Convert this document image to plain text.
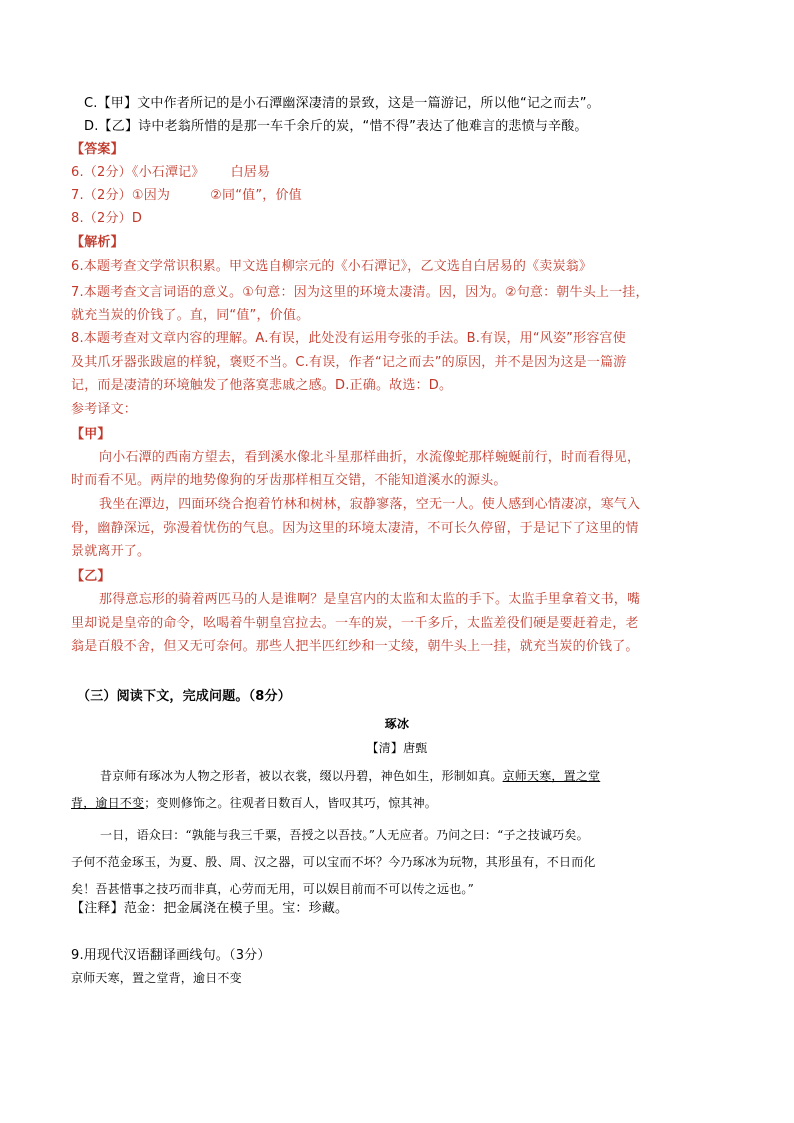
C.【甲】文中作者所记的是小石潭幽深凄清的景致，这是一篇游记，所以他“记之而去”。
D.【乙】诗中老翁所惜的是那一车千余斤的炭，“惜不得”表达了他难言的悲愤与辛酸。
【答案】
6.（2分）《小石潭记》 白居易
7.（2分）①因为	②同“值”，价值
8.（2分）D
【解析】
6.本题考查文学常识积累。甲文选自柳宗元的《小石潭记》，乙文选自白居易的《卖炭翁》
7.本题考查文言词语的意义。①句意：因为这里的环境太凄清。因，因为。②句意：朝牛头上一挂，
就充当炭的价钱了。直，同“值”，价值。
8.本题考查对文章内容的理解。A.有误，此处没有运用夸张的手法。B.有误，用“风姿”形容宫使
及其爪牙器张跋扈的样貌，褒贬不当。C.有误，作者“记之而去”的原因，并不是因为这是一篇游
记，而是凄清的环境触发了他落寞悲戚之感。D.正确。故选：D。
参考译文：
【甲】
向小石潭的西南方望去，看到溪水像北斗星那样曲折，水流像蛇那样蜿蜒前行，时而看得见，
时而看不见。两岸的地势像狗的牙齿那样相互交错，不能知道溪水的源头。
我坐在潭边，四面环绕合抱着竹林和树林，寂静寥落，空无一人。使人感到心情凄凉，寒气入
骨，幽静深远，弥漫着忧伤的气息。因为这里的环境太凄清，不可长久停留，于是记下了这里的情
景就离开了。
【乙】
那得意忘形的骑着两匹马的人是谁啊？是皇宫内的太监和太监的手下。太监手里拿着文书，嘴
里却说是皇帝的命令，吆喝着牛朝皇宫拉去。一车的炭，一千多斤，太监差役们硬是要赶着走，老
翁是百般不舍，但又无可奈何。那些人把半匹红纱和一丈绫，朝牛头上一挂，就充当炭的价钱了。
（三）阅读下文，完成问题。（8分）
琢冰
【清】唐甄
昔京师有琢冰为人物之形者，被以衣裳，缀以丹碧，神色如生，形制如真。京师天寒，置之堂
背，逾日不变；变则修饰之。往观者日数百人，皆叹其巧，惊其神。
一日，语众曰：“孰能与我三千粟，吾授之以吾技。”人无应者。乃问之曰：“子之技诚巧矣。
子何不范金琢玉，为夏、殷、周、汉之器，可以宝而不坏？今乃琢冰为玩物，其形虽有，不日而化
矣！吾甚惜事之技巧而非真，心劳而无用，可以娱目前而不可以传之远也。”
【注释】范金：把金属浇在模子里。宝：珍藏。
9.用现代汉语翻译画线句。（3分）
京师天寒，置之堂背，逾日不变
